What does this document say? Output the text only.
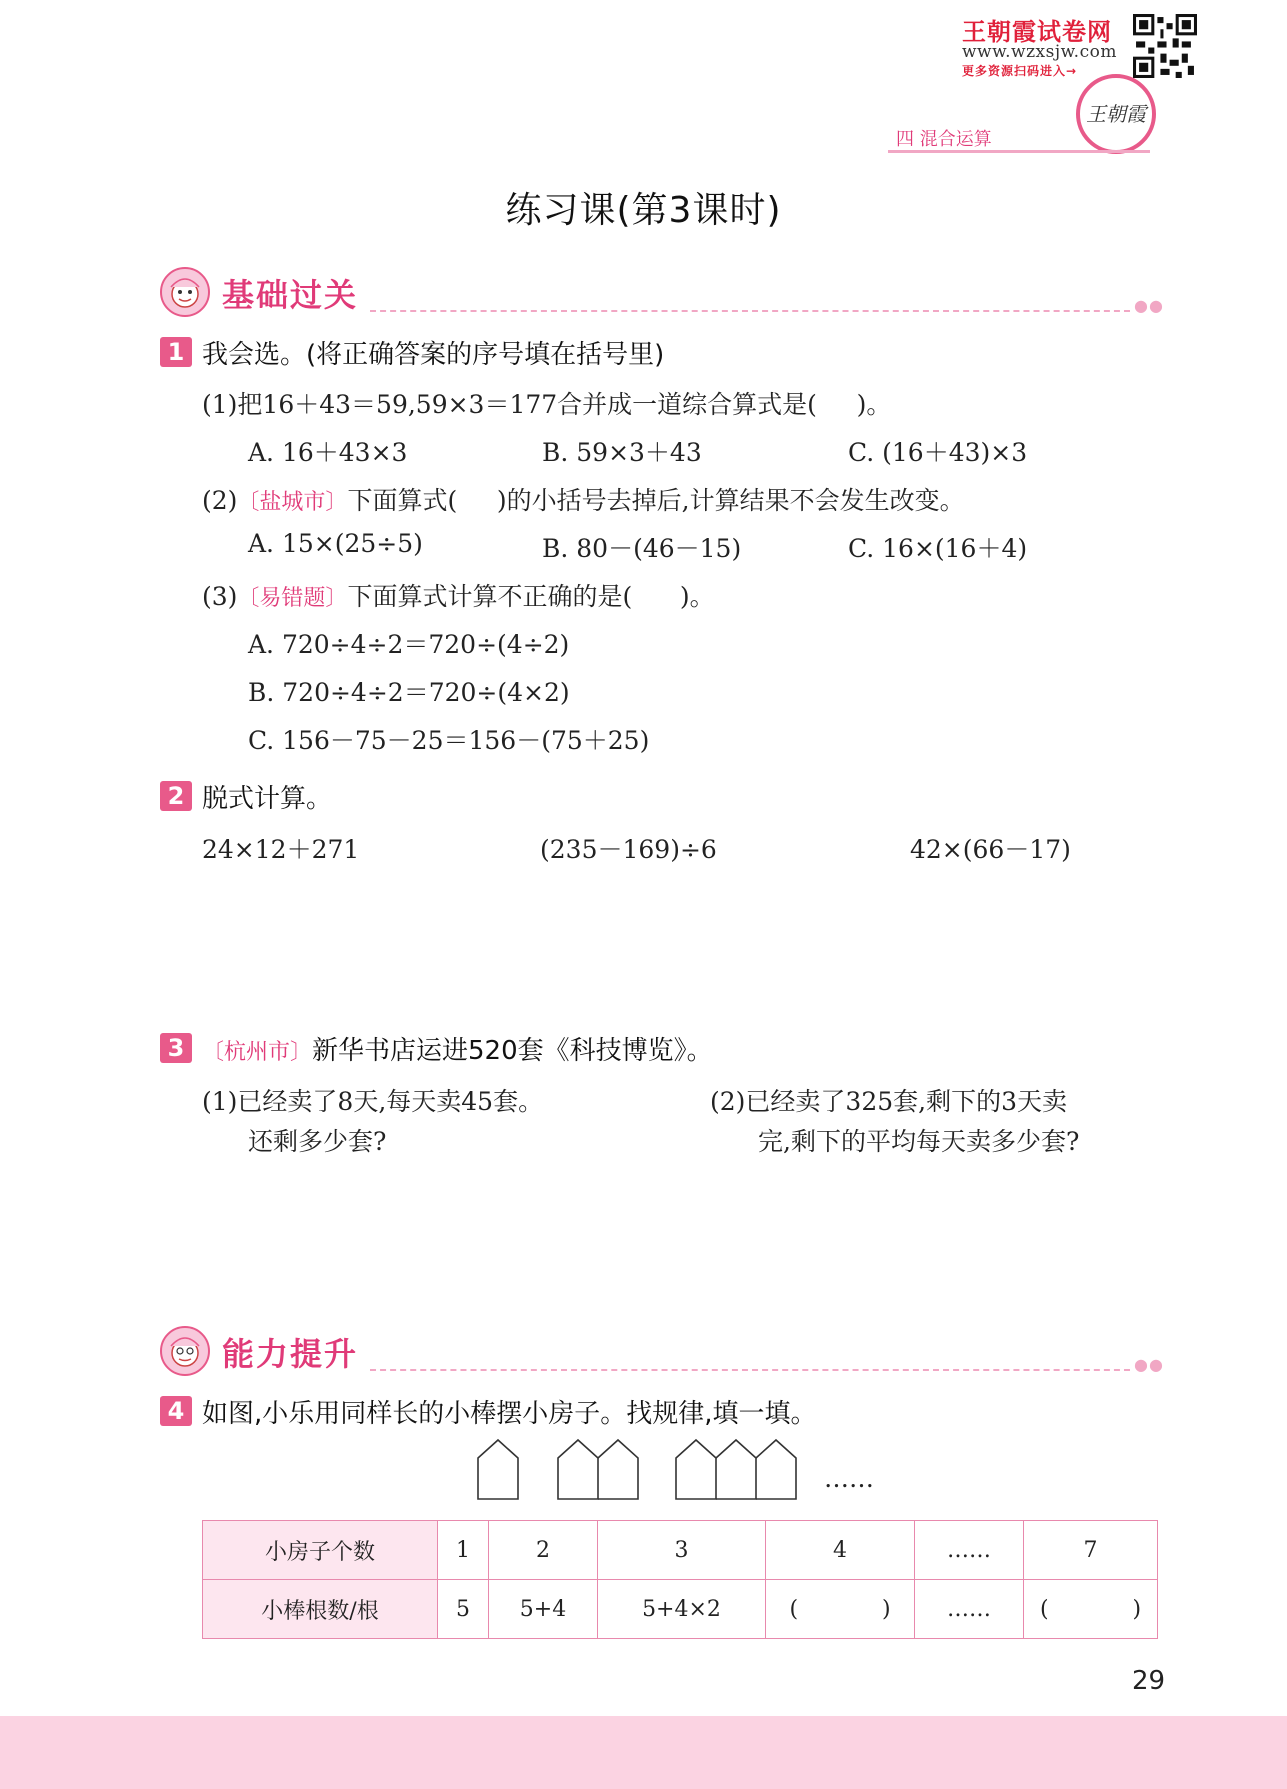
王朝霞试卷网
www.wzxsjw.com
更多资源扫码进入→
王朝霞
四 混合运算
练习课(第3课时)
基础过关	●●
1 我会选。(将正确答案的序号填在括号里)
(1)把16＋43＝59,59×3＝177合并成一道综合算式是(     )。
A. 16＋43×3	B. 59×3＋43	C. (16＋43)×3
(2)〔盐城市〕下面算式(     )的小括号去掉后,计算结果不会发生改变。
A. 15×(25÷5)	B. 80－(46－15)	C. 16×(16＋4)
(3)〔易错题〕下面算式计算不正确的是(      )。
A. 720÷4÷2＝720÷(4÷2)
B. 720÷4÷2＝720÷(4×2)
C. 156－75－25＝156－(75＋25)
2 脱式计算。
24×12＋271	(235－169)÷6	42×(66－17)
3 〔杭州市〕新华书店运进520套《科技博览》。
(1)已经卖了8天,每天卖45套。
还剩多少套?
(2)已经卖了325套,剩下的3天卖
完,剩下的平均每天卖多少套?
能力提升	●●
4 如图,小乐用同样长的小棒摆小房子。找规律,填一填。
……
小房子个数	1	2	3	4	……	7
小棒根数/根	5	5+4	5+4×2	(            )	……	(            )
29
